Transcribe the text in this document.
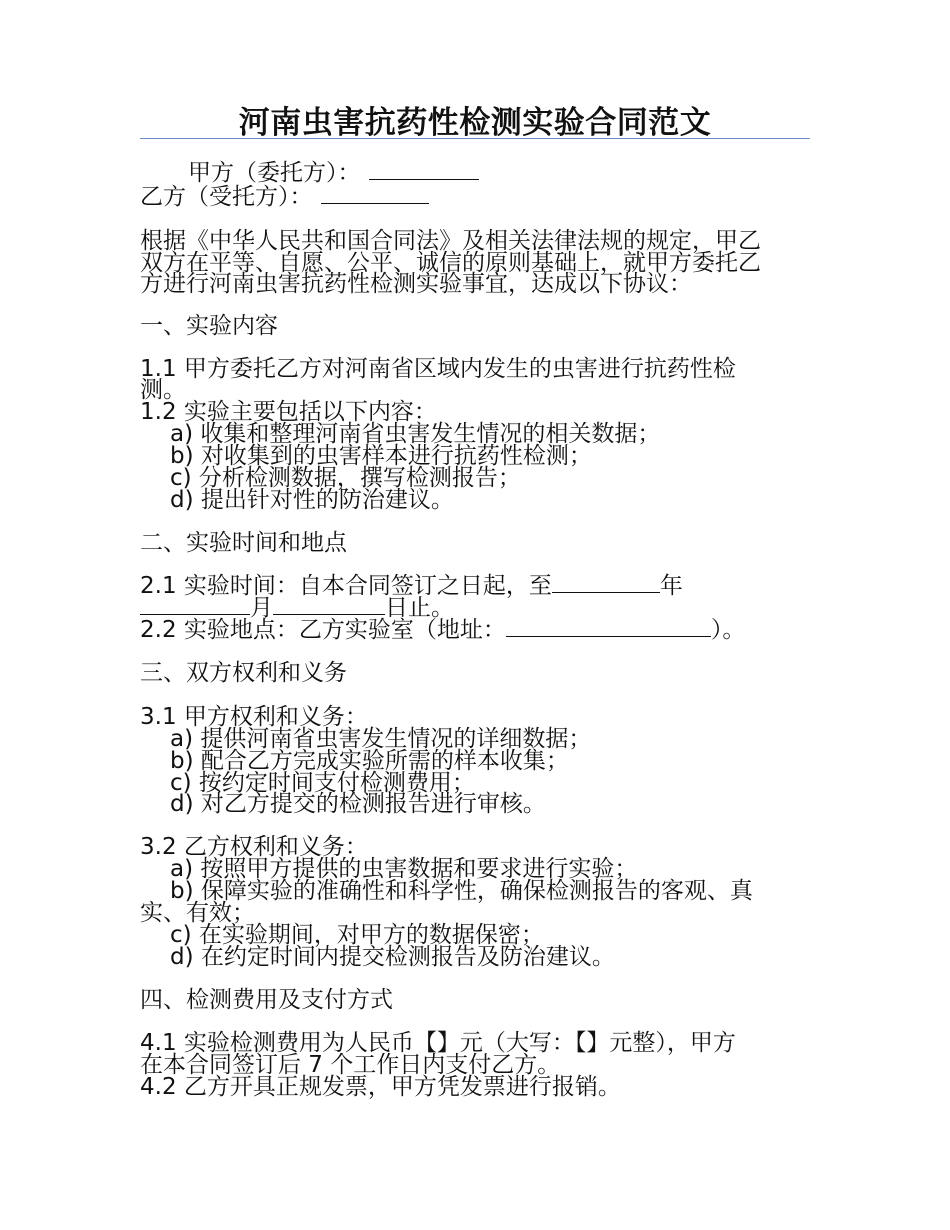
河南虫害抗药性检测实验合同范文
甲方（委托方）：
乙方（受托方）：
根据《中华人民共和国合同法》及相关法律法规的规定，甲乙
双方在平等、自愿、公平、诚信的原则基础上，就甲方委托乙
方进行河南虫害抗药性检测实验事宜，达成以下协议：
一、实验内容
1.1 甲方委托乙方对河南省区域内发生的虫害进行抗药性检
测。
1.2 实验主要包括以下内容：
a) 收集和整理河南省虫害发生情况的相关数据；
b) 对收集到的虫害样本进行抗药性检测；
c) 分析检测数据，撰写检测报告；
d) 提出针对性的防治建议。
二、实验时间和地点
2.1 实验时间：自本合同签订之日起，至	年
月	日止。
2.2 实验地点：乙方实验室（地址：	）。
三、双方权利和义务
3.1 甲方权利和义务：
a) 提供河南省虫害发生情况的详细数据；
b) 配合乙方完成实验所需的样本收集；
c) 按约定时间支付检测费用；
d) 对乙方提交的检测报告进行审核。
3.2 乙方权利和义务：
a) 按照甲方提供的虫害数据和要求进行实验；
b) 保障实验的准确性和科学性，确保检测报告的客观、真
实、有效；
c) 在实验期间，对甲方的数据保密；
d) 在约定时间内提交检测报告及防治建议。
四、检测费用及支付方式
4.1 实验检测费用为人民币【】元（大写：【】元整），甲方
在本合同签订后 7 个工作日内支付乙方。
4.2 乙方开具正规发票，甲方凭发票进行报销。
